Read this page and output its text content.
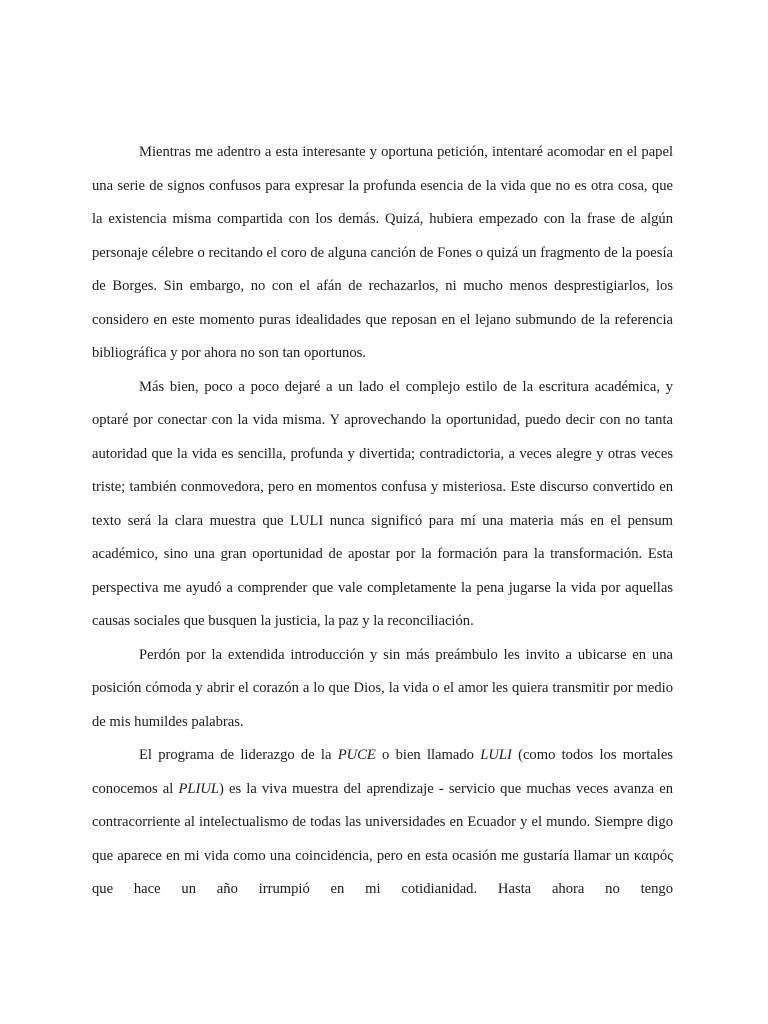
Mientras me adentro a esta interesante y oportuna petición, intentaré acomodar en el papel una serie de signos confusos para expresar la profunda esencia de la vida que no es otra cosa, que la existencia misma compartida con los demás. Quizá, hubiera empezado con la frase de algún personaje célebre o recitando el coro de alguna canción de Fones o quizá un fragmento de la poesía de Borges. Sin embargo, no con el afán de rechazarlos, ni mucho menos desprestigiarlos, los considero en este momento puras idealidades que reposan en el lejano submundo de la referencia bibliográfica y por ahora no son tan oportunos.

Más bien, poco a poco dejaré a un lado el complejo estilo de la escritura académica, y optaré por conectar con la vida misma. Y aprovechando la oportunidad, puedo decir con no tanta autoridad que la vida es sencilla, profunda y divertida; contradictoria, a veces alegre y otras veces triste; también conmovedora, pero en momentos confusa y misteriosa. Este discurso convertido en texto será la clara muestra que LULI nunca significó para mí una materia más en el pensum académico, sino una gran oportunidad de apostar por la formación para la transformación. Esta perspectiva me ayudó a comprender que vale completamente la pena jugarse la vida por aquellas causas sociales que busquen la justicia, la paz y la reconciliación.

Perdón por la extendida introducción y sin más preámbulo les invito a ubicarse en una posición cómoda y abrir el corazón a lo que Dios, la vida o el amor les quiera transmitir por medio de mis humildes palabras.

El programa de liderazgo de la PUCE o bien llamado LULI (como todos los mortales conocemos al PLIUL) es la viva muestra del aprendizaje - servicio que muchas veces avanza en contracorriente al intelectualismo de todas las universidades en Ecuador y el mundo. Siempre digo que aparece en mi vida como una coincidencia, pero en esta ocasión me gustaría llamar un καιρός que hace un año irrumpió en mi cotidianidad. Hasta ahora no tengo
